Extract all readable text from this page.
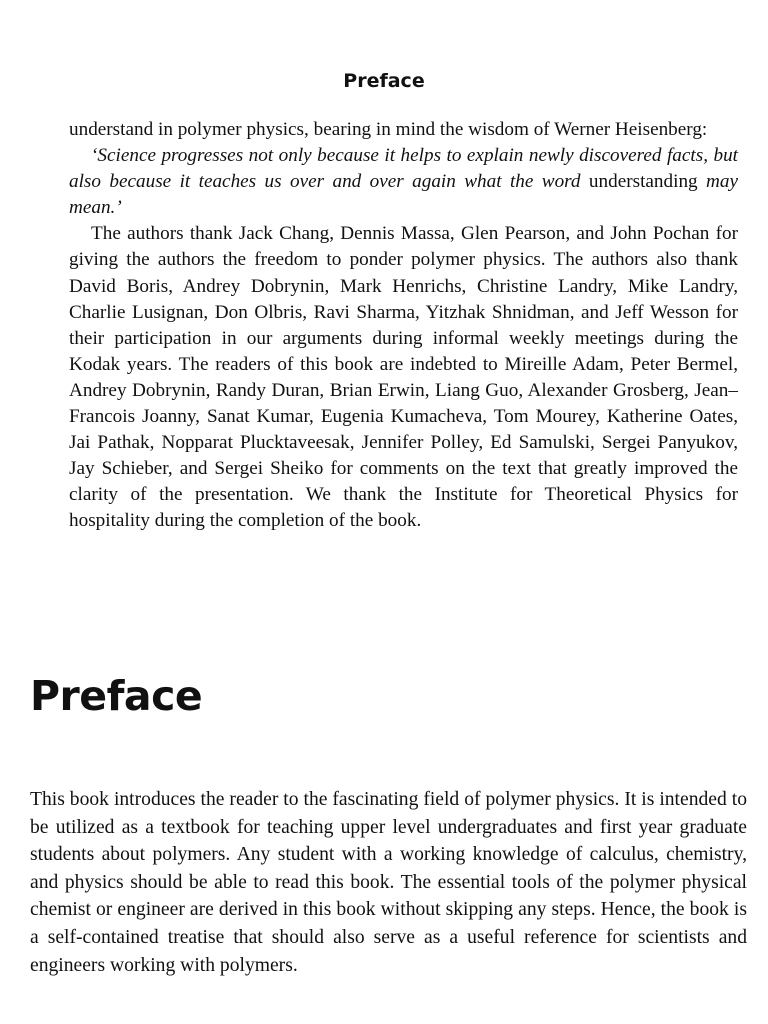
Preface

understand in polymer physics, bearing in mind the wisdom of Werner Heisenberg:

‘Science progresses not only because it helps to explain newly discovered facts, but also because it teaches us over and over again what the word understanding may mean.’

The authors thank Jack Chang, Dennis Massa, Glen Pearson, and John Pochan for giving the authors the freedom to ponder polymer physics. The authors also thank David Boris, Andrey Dobrynin, Mark Henrichs, Christine Landry, Mike Landry, Charlie Lusignan, Don Olbris, Ravi Sharma, Yitzhak Shnidman, and Jeff Wesson for their participation in our arguments during informal weekly meetings during the Kodak years. The readers of this book are indebted to Mireille Adam, Peter Bermel, Andrey Dobrynin, Randy Duran, Brian Erwin, Liang Guo, Alexander Grosberg, Jean–Francois Joanny, Sanat Kumar, Eugenia Kumacheva, Tom Mourey, Katherine Oates, Jai Pathak, Nopparat Plucktaveesak, Jennifer Polley, Ed Samulski, Sergei Panyukov, Jay Schieber, and Sergei Sheiko for comments on the text that greatly improved the clarity of the presentation. We thank the Institute for Theoretical Physics for hospitality during the completion of the book.

Preface

This book introduces the reader to the fascinating field of polymer physics. It is intended to be utilized as a textbook for teaching upper level undergraduates and first year graduate students about polymers. Any student with a working knowledge of calculus, chemistry, and physics should be able to read this book. The essential tools of the polymer physical chemist or engineer are derived in this book without skipping any steps. Hence, the book is a self-contained treatise that should also serve as a useful reference for scientists and engineers working with polymers.
